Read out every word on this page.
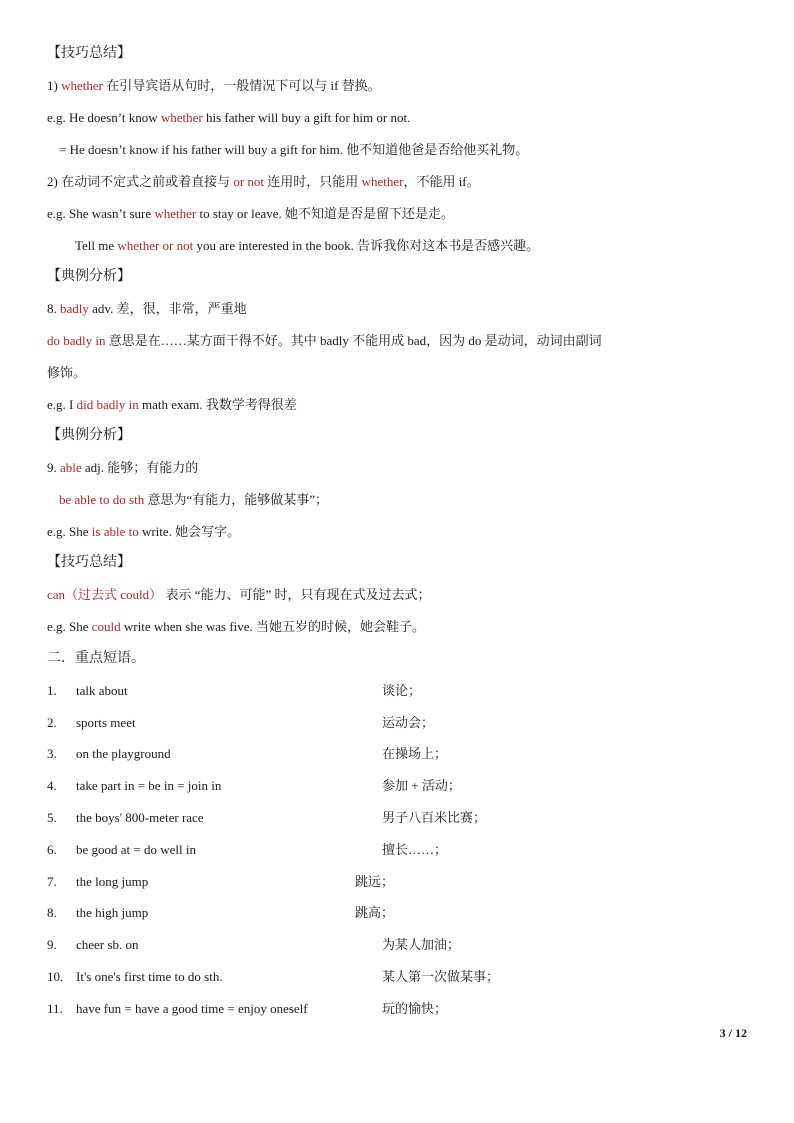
【技巧总结】
1) whether 在引导宾语从句时，一般情况下可以与 if 替换。
e.g. He doesn’t know whether his father will buy a gift for him or not.
= He doesn’t know if his father will buy a gift for him. 他不知道他爸是否给他买礼物。
2) 在动词不定式之前或着直接与 or not 连用时，只能用 whether，不能用 if。
e.g. She wasn’t sure whether to stay or leave. 她不知道是否是留下还是走。
Tell me whether or not you are interested in the book. 告诉我你对这本书是否感兴趣。
【典例分析】
8. badly adv. 差，很，非常，严重地
do badly in 意思是在……某方面干得不好。其中 badly 不能用成 bad，因为 do 是动词，动词由副词
修饰。
e.g. I did badly in math exam. 我数学考得很差
【典例分析】
9. able adj. 能够；有能力的
be able to do sth 意思为“有能力，能够做某事”；
e.g. She is able to write. 她会写字。
【技巧总结】
can（过去式 could） 表示 “能力、可能” 时，只有现在式及过去式；
e.g. She could write when she was five. 当她五岁的时候，她会鞋子。
二．重点短语。
1. talk about	谈论；
2. sports meet	运动会；
3. on the playground	在操场上；
4. take part in = be in = join in	参加 + 活动；
5. the boys' 800-meter race	男子八百米比赛；
6. be good at = do well in	擅长……；
7. the long jump	跳远；
8. the high jump	跳高；
9. cheer sb. on	为某人加油；
10. It's one's first time to do sth.	某人第一次做某事；
11. have fun = have a good time = enjoy oneself	玩的愉快；
3 / 12
